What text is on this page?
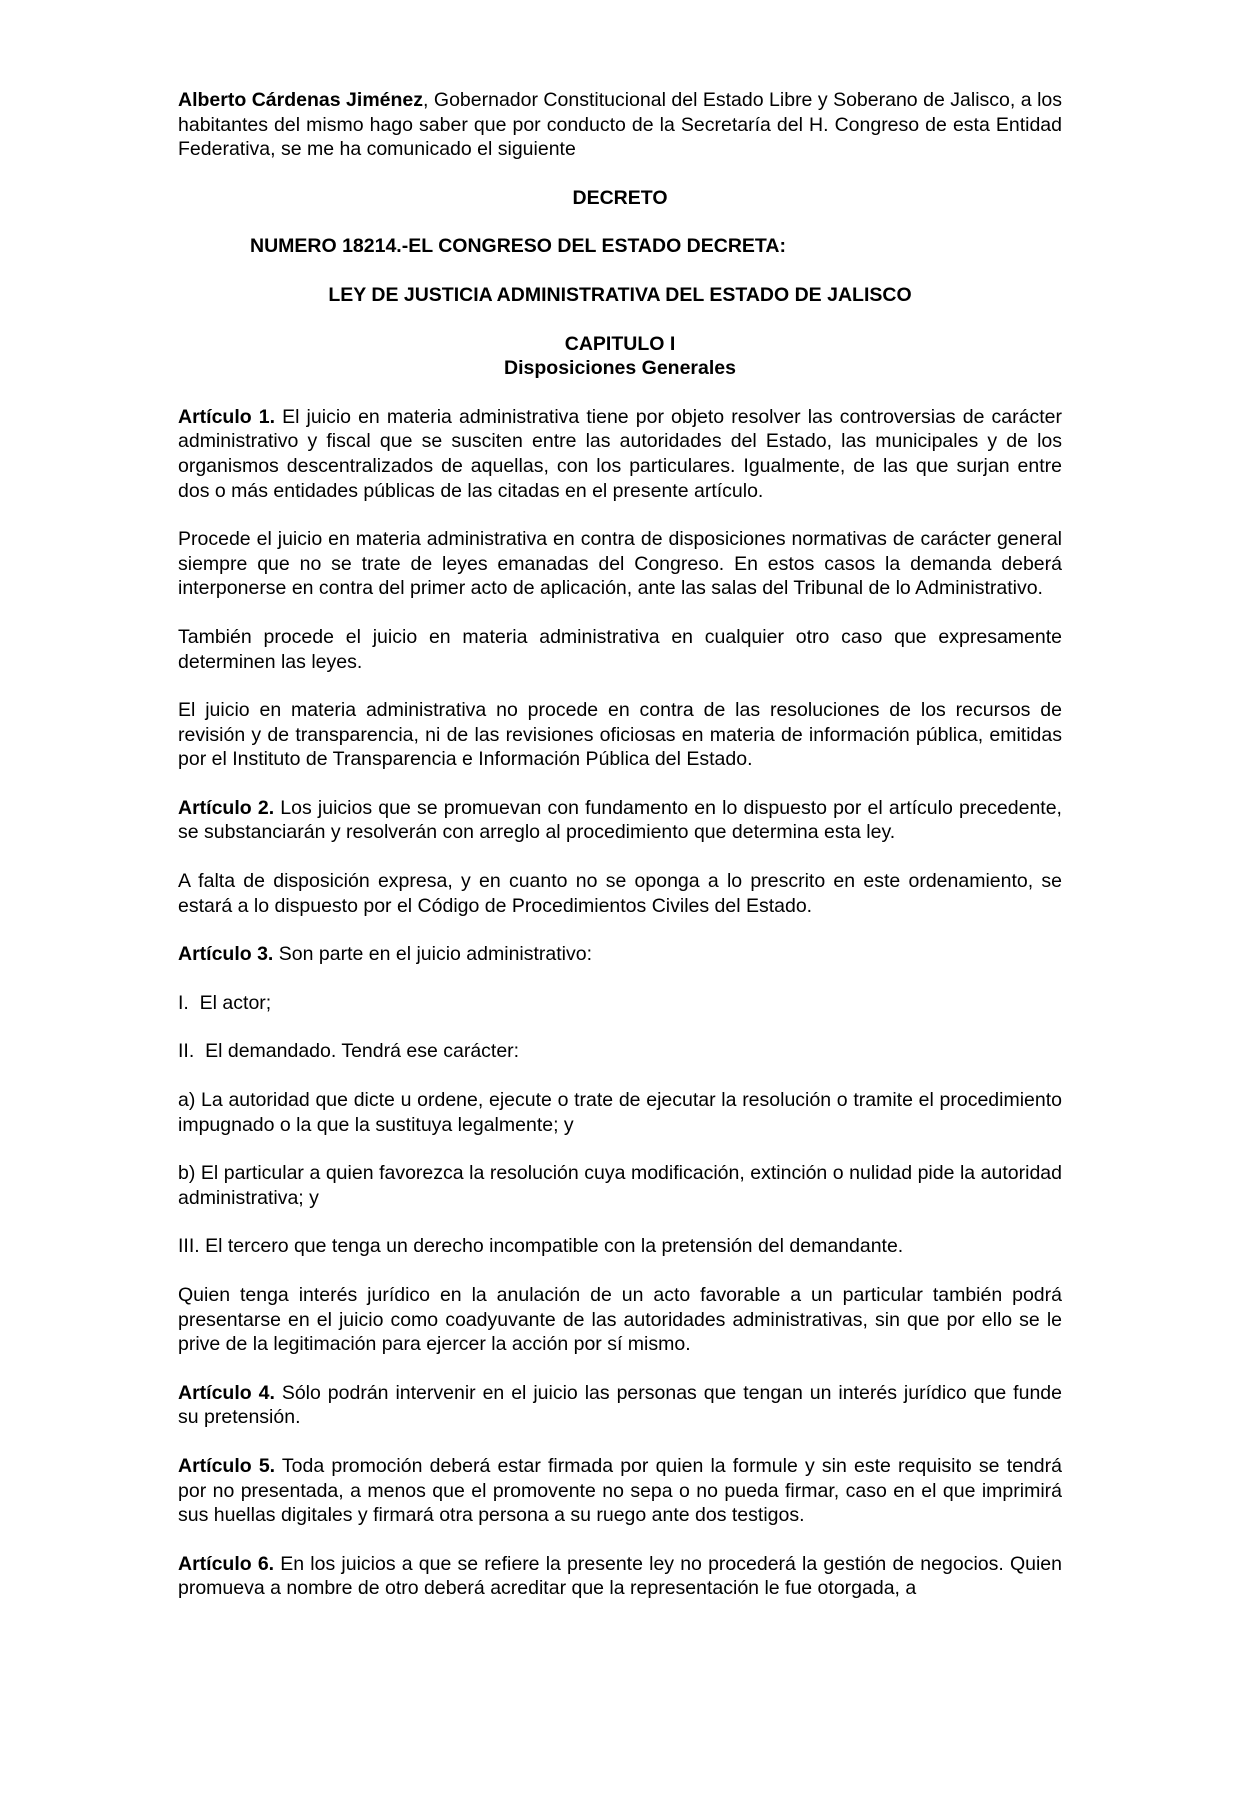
Alberto Cárdenas Jiménez, Gobernador Constitucional del Estado Libre y Soberano de Jalisco, a los habitantes del mismo hago saber que por conducto de la Secretaría del H. Congreso de esta Entidad Federativa, se me ha comunicado el siguiente

DECRETO

NUMERO 18214.-EL CONGRESO DEL ESTADO DECRETA:

LEY DE JUSTICIA ADMINISTRATIVA DEL ESTADO DE JALISCO

CAPITULO I

Disposiciones Generales

Artículo 1. El juicio en materia administrativa tiene por objeto resolver las controversias de carácter administrativo y fiscal que se susciten entre las autoridades del Estado, las municipales y de los organismos descentralizados de aquellas, con los particulares. Igualmente, de las que surjan entre dos o más entidades públicas de las citadas en el presente artículo.

Procede el juicio en materia administrativa en contra de disposiciones normativas de carácter general siempre que no se trate de leyes emanadas del Congreso. En estos casos la demanda deberá interponerse en contra del primer acto de aplicación, ante las salas del Tribunal de lo Administrativo.

También procede el juicio en materia administrativa en cualquier otro caso que expresamente determinen las leyes.

El juicio en materia administrativa no procede en contra de las resoluciones de los recursos de revisión y de transparencia, ni de las revisiones oficiosas en materia de información pública, emitidas por el Instituto de Transparencia e Información Pública del Estado.

Artículo 2. Los juicios que se promuevan con fundamento en lo dispuesto por el artículo precedente, se substanciarán y resolverán con arreglo al procedimiento que determina esta ley.

A falta de disposición expresa, y en cuanto no se oponga a lo prescrito en este ordenamiento, se estará a lo dispuesto por el Código de Procedimientos Civiles del Estado.

Artículo 3. Son parte en el juicio administrativo:

I.  El actor;

II.  El demandado. Tendrá ese carácter:

a) La autoridad que dicte u ordene, ejecute o trate de ejecutar la resolución o tramite el procedimiento impugnado o la que la sustituya legalmente; y

b) El particular a quien favorezca la resolución cuya modificación, extinción o nulidad pide la autoridad administrativa; y

III. El tercero que tenga un derecho incompatible con la pretensión del demandante.

Quien tenga interés jurídico en la anulación de un acto favorable a un particular también podrá presentarse en el juicio como coadyuvante de las autoridades administrativas, sin que por ello se le prive de la legitimación para ejercer la acción por sí mismo.

Artículo 4. Sólo podrán intervenir en el juicio las personas que tengan un interés jurídico que funde su pretensión.

Artículo 5. Toda promoción deberá estar firmada por quien la formule y sin este requisito se tendrá por no presentada, a menos que el promovente no sepa o no pueda firmar, caso en el que imprimirá sus huellas digitales y firmará otra persona a su ruego ante dos testigos.

Artículo 6. En los juicios a que se refiere la presente ley no procederá la gestión de negocios. Quien promueva a nombre de otro deberá acreditar que la representación le fue otorgada, a
